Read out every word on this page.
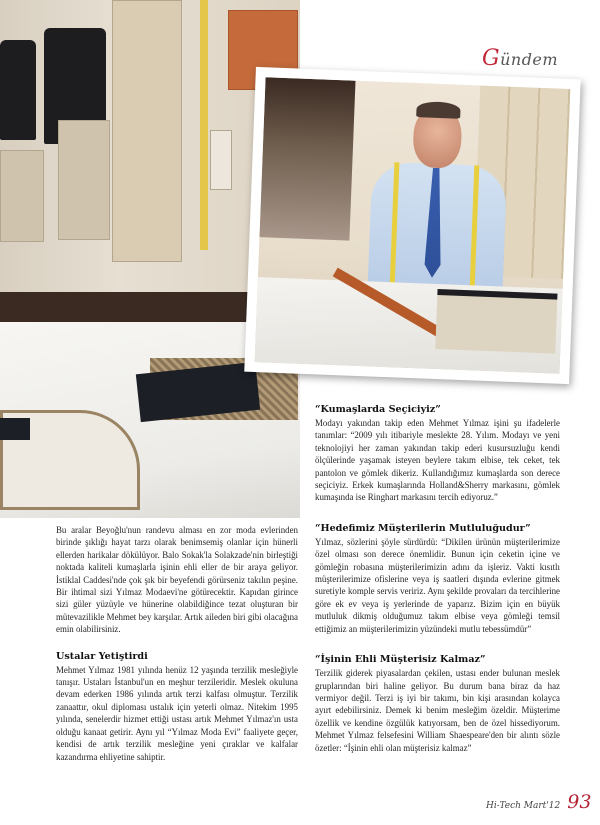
Gündem
“Kumaşlarda Seçiciyiz”

Modayı yakından takip eden Mehmet Yılmaz işini şu ifadelerle tanımlar: “2009 yılı itibariyle meslekte 28. Yılım. Modayı ve yeni teknolojiyi her zaman yakından takip ederi kusursuzluğu kendi ölçülerinde yaşamak isteyen beylere takım elbise, tek ceket, tek pantolon ve gömlek dikeriz. Kullandığımız kumaşlarda son derece seçiciyiz. Erkek kumaşlarında Holland&Sherry markasını, gömlek kumaşında ise Ringhart markasını tercih ediyoruz.”

“Hedefimiz Müşterilerin Mutluluğudur”

Yılmaz, sözlerini şöyle sürdürdü: “Dikilen ürünün müşterilerimize özel olması son derece önemlidir. Bunun için ceketin içine ve gömleğin robasına müşterilerimizin adını da işleriz. Vakti kısıtlı müşterilerimize ofislerine veya iş saatleri dışında evlerine gitmek suretiyle komple servis veririz. Aynı şekilde provaları da tercihlerine göre ek ev veya iş yerlerinde de yaparız. Bizim için en büyük mutluluk dikmiş olduğumuz takım elbise veya gömleği temsil ettiğimiz an müşterilerimizin yüzündeki mutlu tebessümdür”

“İşinin Ehli Müşterisiz Kalmaz”

Terzilik giderek piyasalardan çekilen, ustası ender bulunan meslek gruplarından biri haline geliyor. Bu durum bana biraz da haz vermiyor değil. Terzi iş iyi bir takımı, bin kişi arasından kolayca ayırt edebilirsiniz. Demek ki benim mesleğim özeldir. Müşterime özellik ve kendine özgülük katıyorsam, ben de özel hissediyorum. Mehmet Yılmaz felsefesini William Shaespeare'den bir alıntı sözle özetler: “İşinin ehli olan müşterisiz kalmaz”

Bu aralar Beyoğlu'nun randevu alması en zor moda evlerinden birinde şıklığı hayat tarzı olarak benimsemiş olanlar için hünerli ellerden harikalar dökülüyor. Balo Sokak'la Solakzade'nin birleştiği noktada kaliteli kumaşlarla işinin ehli eller de bir araya geliyor. İstiklal Caddesi'nde çok şık bir beyefendi görürseniz takılın peşine. Bir ihtimal sizi Yılmaz Modaevi'ne götürecektir. Kapıdan girince sizi güler yüzüyle ve hünerine olabildiğince tezat oluşturan bir mütevazilikle Mehmet bey karşılar. Artık aileden biri gibi olacağına emin olabilirsiniz.

Ustalar Yetiştirdi

Mehmet Yılmaz 1981 yılında henüz 12 yaşında terzilik mesleğiyle tanışır. Ustaları İstanbul'un en meşhur terzileridir. Meslek okuluna devam ederken 1986 yılında artık terzi kalfası olmuştur. Terzilik zanaattır, okul diploması ustalık için yeterli olmaz. Nitekim 1995 yılında, senelerdir hizmet ettiği ustası artık Mehmet Yılmaz'ın usta olduğu kanaat getirir. Aynı yıl “Yılmaz Moda Evi” faaliyete geçer, kendisi de artık terzilik mesleğine yeni çıraklar ve kalfalar kazandırma ehliyetine sahiptir.

Hi-Tech Mart'12 93
